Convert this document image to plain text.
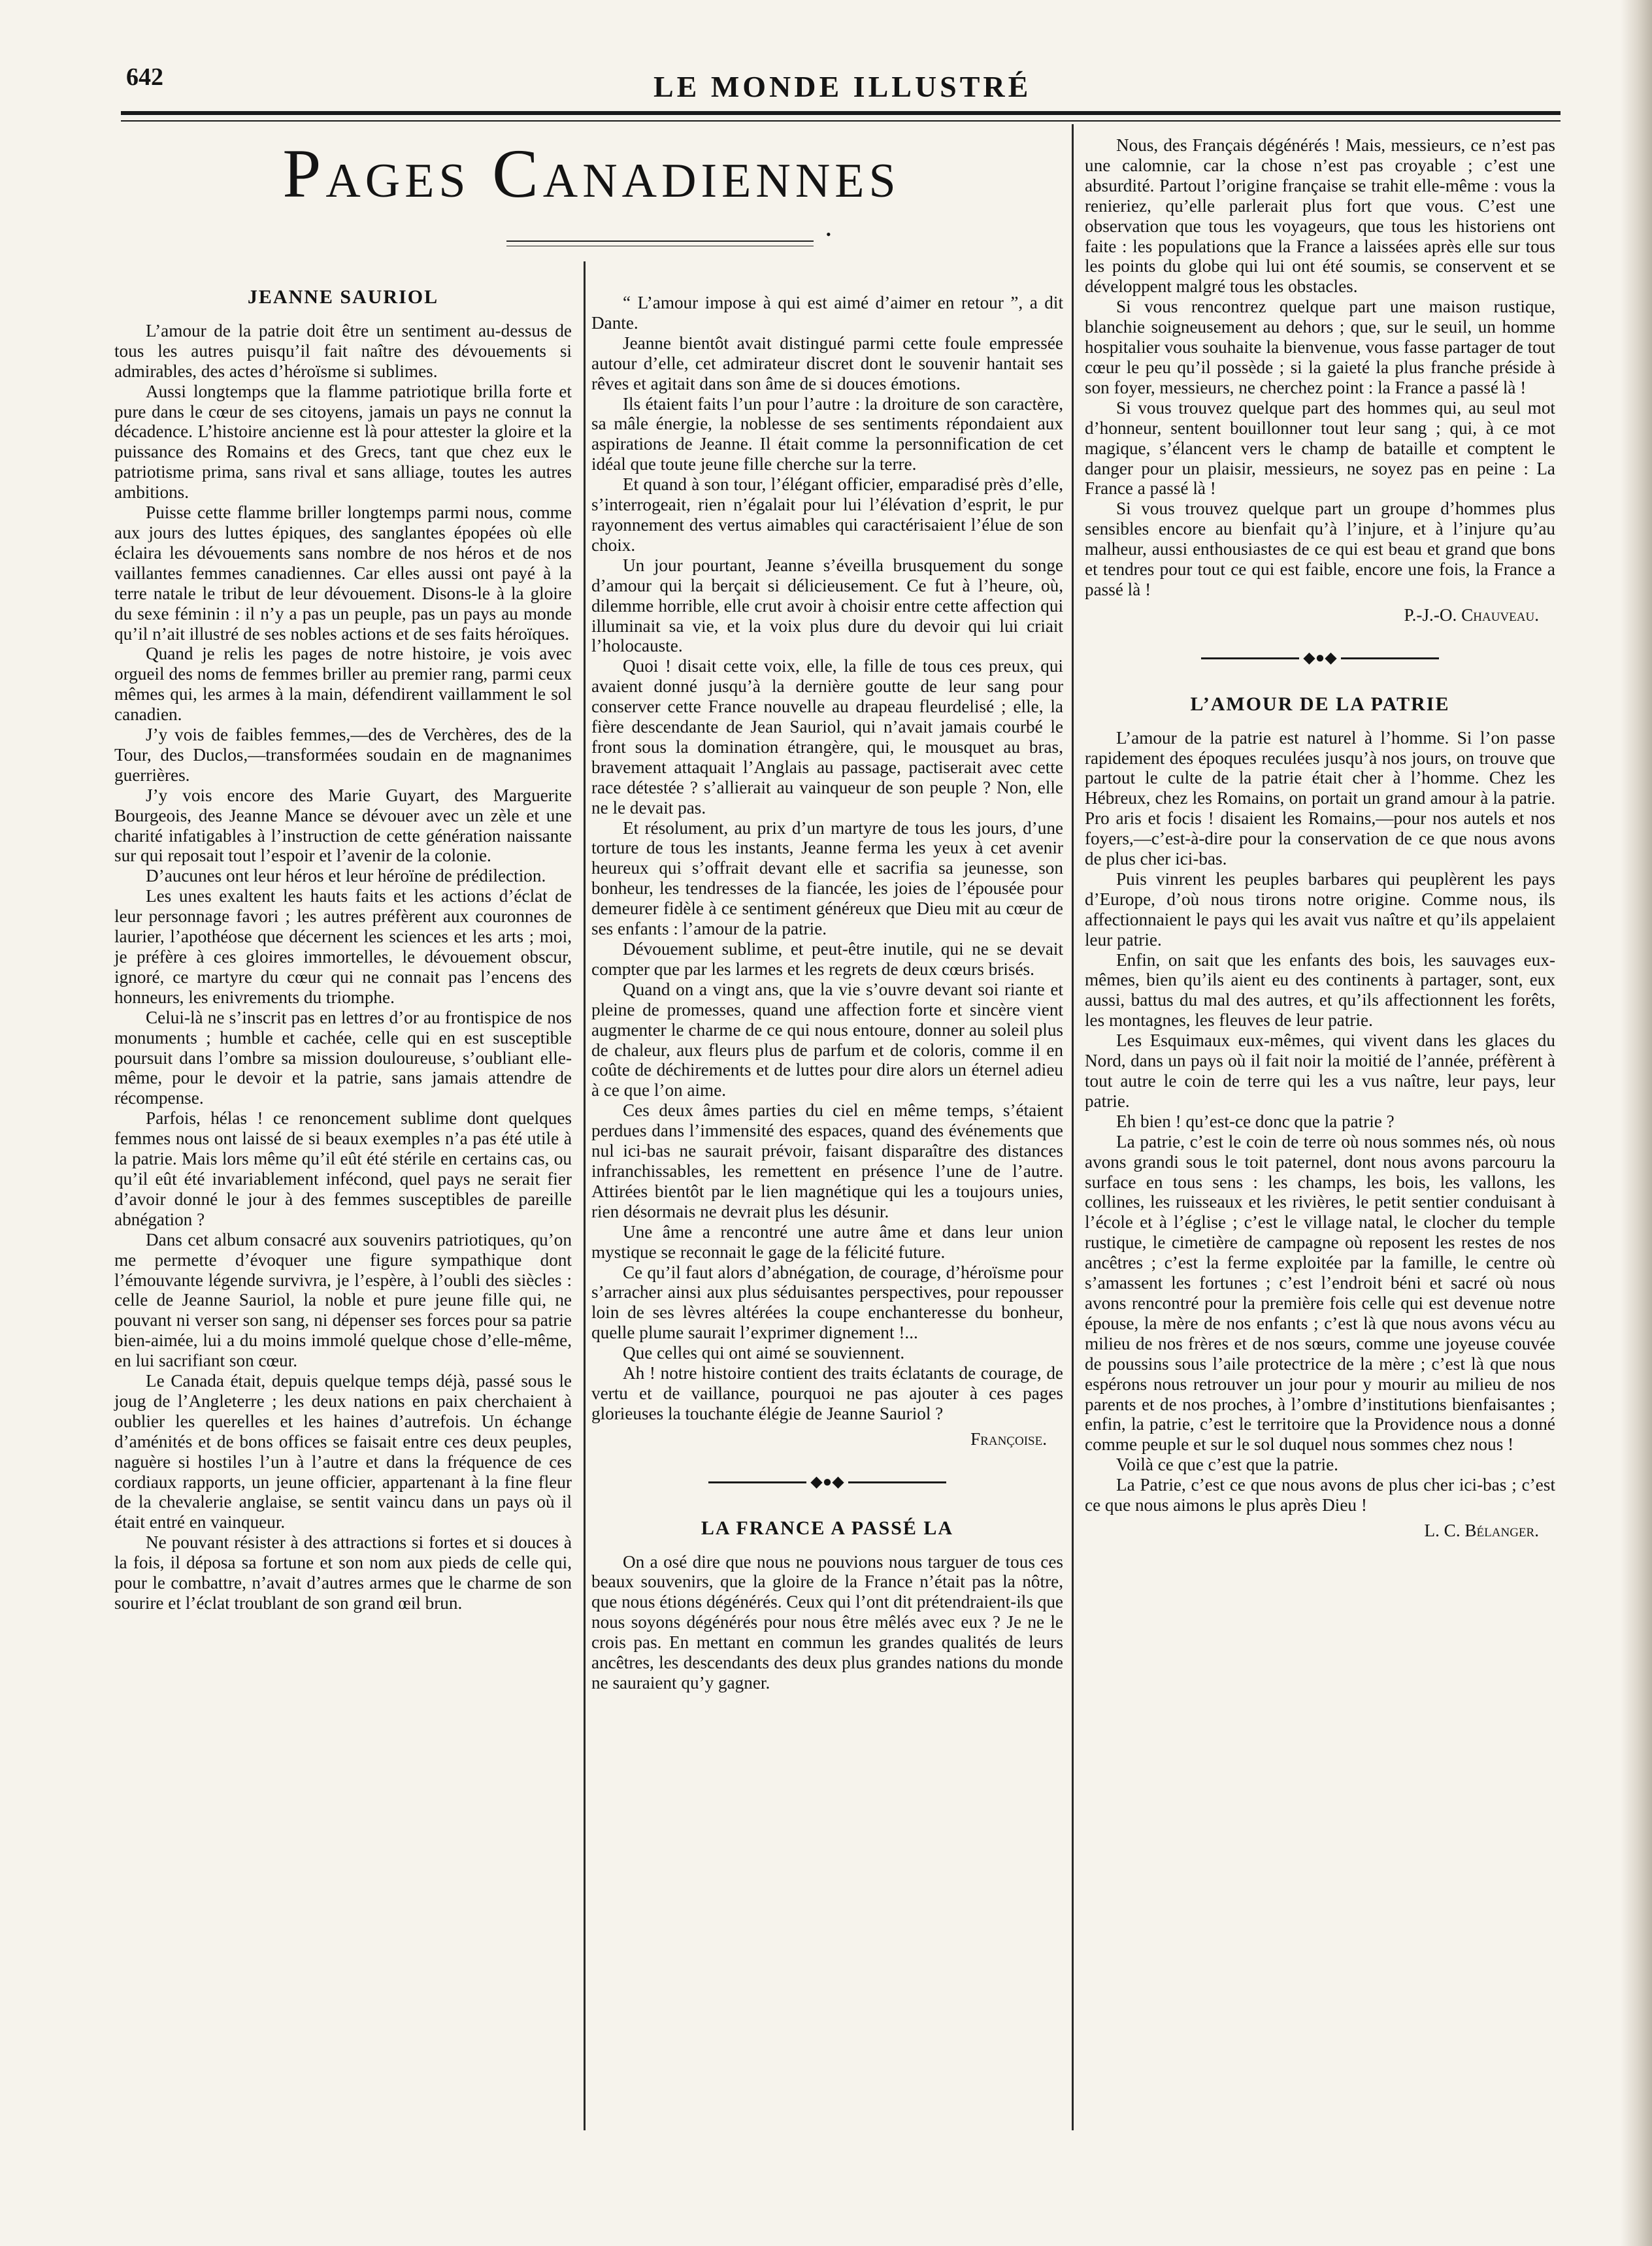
642	LE MONDE ILLUSTRÉ
Pages Canadiennes
•

JEANNE SAURIOL

L’amour de la patrie doit être un sentiment au-dessus de tous les autres puisqu’il fait naître des dévouements si admirables, des actes d’héroïsme si sublimes.

Aussi longtemps que la flamme patriotique brilla forte et pure dans le cœur de ses citoyens, jamais un pays ne connut la décadence. L’histoire ancienne est là pour attester la gloire et la puissance des Romains et des Grecs, tant que chez eux le patriotisme prima, sans rival et sans alliage, toutes les autres ambitions.

Puisse cette flamme briller longtemps parmi nous, comme aux jours des luttes épiques, des sanglantes épopées où elle éclaira les dévouements sans nombre de nos héros et de nos vaillantes femmes canadiennes. Car elles aussi ont payé à la terre natale le tribut de leur dévouement. Disons-le à la gloire du sexe féminin : il n’y a pas un peuple, pas un pays au monde qu’il n’ait illustré de ses nobles actions et de ses faits héroïques.

Quand je relis les pages de notre histoire, je vois avec orgueil des noms de femmes briller au premier rang, parmi ceux mêmes qui, les armes à la main, défendirent vaillamment le sol canadien.

J’y vois de faibles femmes,—des de Verchères, des de la Tour, des Duclos,—transformées soudain en de magnanimes guerrières.

J’y vois encore des Marie Guyart, des Marguerite Bourgeois, des Jeanne Mance se dévouer avec un zèle et une charité infatigables à l’instruction de cette génération naissante sur qui reposait tout l’espoir et l’avenir de la colonie.

D’aucunes ont leur héros et leur héroïne de prédilection.

Les unes exaltent les hauts faits et les actions d’éclat de leur personnage favori ; les autres préfèrent aux couronnes de laurier, l’apothéose que décernent les sciences et les arts ; moi, je préfère à ces gloires immortelles, le dévouement obscur, ignoré, ce martyre du cœur qui ne connait pas l’encens des honneurs, les enivrements du triomphe.

Celui-là ne s’inscrit pas en lettres d’or au frontispice de nos monuments ; humble et cachée, celle qui en est susceptible poursuit dans l’ombre sa mission douloureuse, s’oubliant elle-même, pour le devoir et la patrie, sans jamais attendre de récompense.

Parfois, hélas ! ce renoncement sublime dont quelques femmes nous ont laissé de si beaux exemples n’a pas été utile à la patrie. Mais lors même qu’il eût été stérile en certains cas, ou qu’il eût été invariablement infécond, quel pays ne serait fier d’avoir donné le jour à des femmes susceptibles de pareille abnégation ?

Dans cet album consacré aux souvenirs patriotiques, qu’on me permette d’évoquer une figure sympathique dont l’émouvante légende survivra, je l’espère, à l’oubli des siècles : celle de Jeanne Sauriol, la noble et pure jeune fille qui, ne pouvant ni verser son sang, ni dépenser ses forces pour sa patrie bien-aimée, lui a du moins immolé quelque chose d’elle-même, en lui sacrifiant son cœur.

Le Canada était, depuis quelque temps déjà, passé sous le joug de l’Angleterre ; les deux nations en paix cherchaient à oublier les querelles et les haines d’autrefois. Un échange d’aménités et de bons offices se faisait entre ces deux peuples, naguère si hostiles l’un à l’autre et dans la fréquence de ces cordiaux rapports, un jeune officier, appartenant à la fine fleur de la chevalerie anglaise, se sentit vaincu dans un pays où il était entré en vainqueur.

Ne pouvant résister à des attractions si fortes et si douces à la fois, il déposa sa fortune et son nom aux pieds de celle qui, pour le combattre, n’avait d’autres armes que le charme de son sourire et l’éclat troublant de son grand œil brun.

“ L’amour impose à qui est aimé d’aimer en retour ”, a dit Dante.

Jeanne bientôt avait distingué parmi cette foule empressée autour d’elle, cet admirateur discret dont le souvenir hantait ses rêves et agitait dans son âme de si douces émotions.

Ils étaient faits l’un pour l’autre : la droiture de son caractère, sa mâle énergie, la noblesse de ses sentiments répondaient aux aspirations de Jeanne. Il était comme la personnification de cet idéal que toute jeune fille cherche sur la terre.

Et quand à son tour, l’élégant officier, emparadisé près d’elle, s’interrogeait, rien n’égalait pour lui l’élévation d’esprit, le pur rayonnement des vertus aimables qui caractérisaient l’élue de son choix.

Un jour pourtant, Jeanne s’éveilla brusquement du songe d’amour qui la berçait si délicieusement. Ce fut à l’heure, où, dilemme horrible, elle crut avoir à choisir entre cette affection qui illuminait sa vie, et la voix plus dure du devoir qui lui criait l’holocauste.

Quoi ! disait cette voix, elle, la fille de tous ces preux, qui avaient donné jusqu’à la dernière goutte de leur sang pour conserver cette France nouvelle au drapeau fleurdelisé ; elle, la fière descendante de Jean Sauriol, qui n’avait jamais courbé le front sous la domination étrangère, qui, le mousquet au bras, bravement attaquait l’Anglais au passage, pactiserait avec cette race détestée ? s’allierait au vainqueur de son peuple ? Non, elle ne le devait pas.

Et résolument, au prix d’un martyre de tous les jours, d’une torture de tous les instants, Jeanne ferma les yeux à cet avenir heureux qui s’offrait devant elle et sacrifia sa jeunesse, son bonheur, les tendresses de la fiancée, les joies de l’épousée pour demeurer fidèle à ce sentiment généreux que Dieu mit au cœur de ses enfants : l’amour de la patrie.

Dévouement sublime, et peut-être inutile, qui ne se devait compter que par les larmes et les regrets de deux cœurs brisés.

Quand on a vingt ans, que la vie s’ouvre devant soi riante et pleine de promesses, quand une affection forte et sincère vient augmenter le charme de ce qui nous entoure, donner au soleil plus de chaleur, aux fleurs plus de parfum et de coloris, comme il en coûte de déchirements et de luttes pour dire alors un éternel adieu à ce que l’on aime.

Ces deux âmes parties du ciel en même temps, s’étaient perdues dans l’immensité des espaces, quand des événements que nul ici-bas ne saurait prévoir, faisant disparaître des distances infranchissables, les remettent en présence l’une de l’autre. Attirées bientôt par le lien magnétique qui les a toujours unies, rien désormais ne devrait plus les désunir.

Une âme a rencontré une autre âme et dans leur union mystique se reconnait le gage de la félicité future.

Ce qu’il faut alors d’abnégation, de courage, d’héroïsme pour s’arracher ainsi aux plus séduisantes perspectives, pour repousser loin de ses lèvres altérées la coupe enchanteresse du bonheur, quelle plume saurait l’exprimer dignement !...

Que celles qui ont aimé se souviennent.

Ah ! notre histoire contient des traits éclatants de courage, de vertu et de vaillance, pourquoi ne pas ajouter à ces pages glorieuses la touchante élégie de Jeanne Sauriol ?

Françoise.

◆●◆

LA FRANCE A PASSÉ LA

On a osé dire que nous ne pouvions nous targuer de tous ces beaux souvenirs, que la gloire de la France n’était pas la nôtre, que nous étions dégénérés. Ceux qui l’ont dit prétendraient-ils que nous soyons dégénérés pour nous être mêlés avec eux ? Je ne le crois pas. En mettant en commun les grandes qualités de leurs ancêtres, les descendants des deux plus grandes nations du monde ne sauraient qu’y gagner.

Nous, des Français dégénérés ! Mais, messieurs, ce n’est pas une calomnie, car la chose n’est pas croyable ; c’est une absurdité. Partout l’origine française se trahit elle-même : vous la renieriez, qu’elle parlerait plus fort que vous. C’est une observation que tous les voyageurs, que tous les historiens ont faite : les populations que la France a laissées après elle sur tous les points du globe qui lui ont été soumis, se conservent et se développent malgré tous les obstacles.

Si vous rencontrez quelque part une maison rustique, blanchie soigneusement au dehors ; que, sur le seuil, un homme hospitalier vous souhaite la bienvenue, vous fasse partager de tout cœur le peu qu’il possède ; si la gaieté la plus franche préside à son foyer, messieurs, ne cherchez point : la France a passé là !

Si vous trouvez quelque part des hommes qui, au seul mot d’honneur, sentent bouillonner tout leur sang ; qui, à ce mot magique, s’élancent vers le champ de bataille et comptent le danger pour un plaisir, messieurs, ne soyez pas en peine : La France a passé là !

Si vous trouvez quelque part un groupe d’hommes plus sensibles encore au bienfait qu’à l’injure, et à l’injure qu’au malheur, aussi enthousiastes de ce qui est beau et grand que bons et tendres pour tout ce qui est faible, encore une fois, la France a passé là !

P.-J.-O. Chauveau.

◆●◆

L’AMOUR DE LA PATRIE

L’amour de la patrie est naturel à l’homme. Si l’on passe rapidement des époques reculées jusqu’à nos jours, on trouve que partout le culte de la patrie était cher à l’homme. Chez les Hébreux, chez les Romains, on portait un grand amour à la patrie. Pro aris et focis ! disaient les Romains,—pour nos autels et nos foyers,—c’est-à-dire pour la conservation de ce que nous avons de plus cher ici-bas.

Puis vinrent les peuples barbares qui peuplèrent les pays d’Europe, d’où nous tirons notre origine. Comme nous, ils affectionnaient le pays qui les avait vus naître et qu’ils appelaient leur patrie.

Enfin, on sait que les enfants des bois, les sauvages eux-mêmes, bien qu’ils aient eu des continents à partager, sont, eux aussi, battus du mal des autres, et qu’ils affectionnent les forêts, les montagnes, les fleuves de leur patrie.

Les Esquimaux eux-mêmes, qui vivent dans les glaces du Nord, dans un pays où il fait noir la moitié de l’année, préfèrent à tout autre le coin de terre qui les a vus naître, leur pays, leur patrie.

Eh bien ! qu’est-ce donc que la patrie ?

La patrie, c’est le coin de terre où nous sommes nés, où nous avons grandi sous le toit paternel, dont nous avons parcouru la surface en tous sens : les champs, les bois, les vallons, les collines, les ruisseaux et les rivières, le petit sentier conduisant à l’école et à l’église ; c’est le village natal, le clocher du temple rustique, le cimetière de campagne où reposent les restes de nos ancêtres ; c’est la ferme exploitée par la famille, le centre où s’amassent les fortunes ; c’est l’endroit béni et sacré où nous avons rencontré pour la première fois celle qui est devenue notre épouse, la mère de nos enfants ; c’est là que nous avons vécu au milieu de nos frères et de nos sœurs, comme une joyeuse couvée de poussins sous l’aile protectrice de la mère ; c’est là que nous espérons nous retrouver un jour pour y mourir au milieu de nos parents et de nos proches, à l’ombre d’institutions bienfaisantes ; enfin, la patrie, c’est le territoire que la Providence nous a donné comme peuple et sur le sol duquel nous sommes chez nous !

Voilà ce que c’est que la patrie.

La Patrie, c’est ce que nous avons de plus cher ici-bas ; c’est ce que nous aimons le plus après Dieu !

L. C. Bélanger.
